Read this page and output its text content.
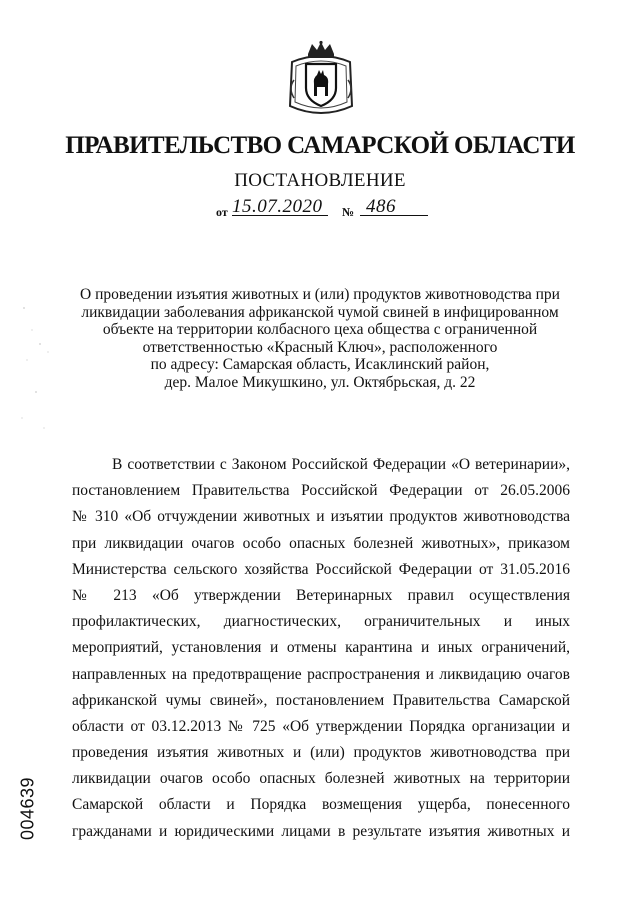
ПРАВИТЕЛЬСТВО САМАРСКОЙ ОБЛАСТИ
ПОСТАНОВЛЕНИЕ
от 15.07.2020 № 486
О проведении изъятия животных и (или) продуктов животноводства при
ликвидации заболевания африканской чумой свиней в инфицированном
объекте на территории колбасного цеха общества с ограниченной
ответственностью «Красный Ключ», расположенного
по адресу: Самарская область, Исаклинский район,
дер. Малое Микушкино, ул. Октябрьская, д. 22
В соответствии с Законом Российской Федерации «О ветеринарии»,
постановлением Правительства Российской Федерации от 26.05.2006
№ 310 «Об отчуждении животных и изъятии продуктов животноводства
при ликвидации очагов особо опасных болезней животных», приказом
Министерства сельского хозяйства Российской Федерации от 31.05.2016
№ 213 «Об утверждении Ветеринарных правил осуществления
профилактических, диагностических, ограничительных и иных
мероприятий, установления и отмены карантина и иных ограничений,
направленных на предотвращение распространения и ликвидацию очагов
африканской чумы свиней», постановлением Правительства Самарской
области от 03.12.2013 № 725 «Об утверждении Порядка организации и
проведения изъятия животных и (или) продуктов животноводства при
ликвидации очагов особо опасных болезней животных на территории
Самарской области и Порядка возмещения ущерба, понесенного
гражданами и юридическими лицами в результате изъятия животных и
004639
